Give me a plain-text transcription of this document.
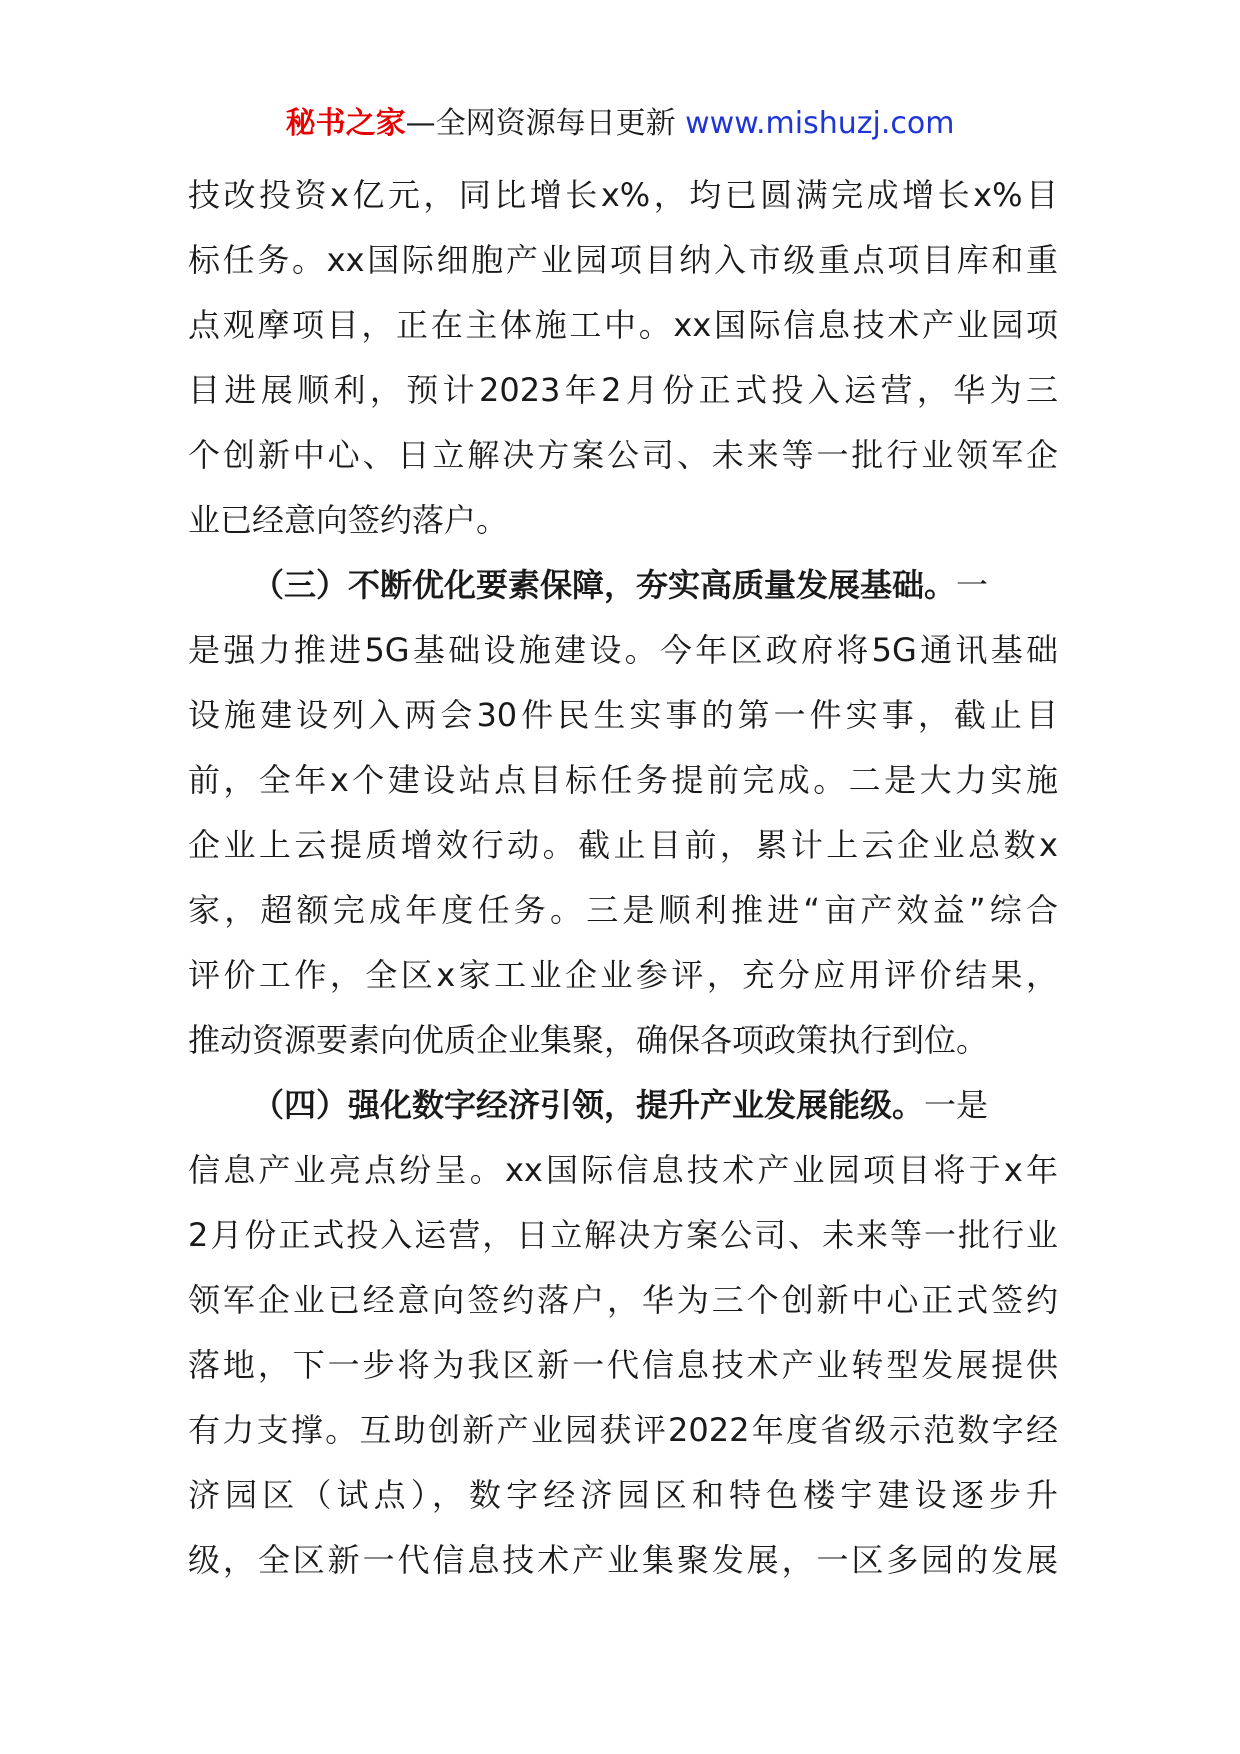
秘书之家—全网资源每日更新 www.mishuzj.com
技改投资x亿元，同比增长x%，均已圆满完成增长x%目
标任务。xx国际细胞产业园项目纳入市级重点项目库和重
点观摩项目，正在主体施工中。xx国际信息技术产业园项
目进展顺利，预计2023年2月份正式投入运营，华为三
个创新中心、日立解决方案公司、未来等一批行业领军企
业已经意向签约落户。
（三）不断优化要素保障，夯实高质量发展基础。一
是强力推进5G基础设施建设。今年区政府将5G通讯基础
设施建设列入两会30件民生实事的第一件实事，截止目
前，全年x个建设站点目标任务提前完成。二是大力实施
企业上云提质增效行动。截止目前，累计上云企业总数x
家，超额完成年度任务。三是顺利推进“亩产效益”综合
评价工作，全区x家工业企业参评，充分应用评价结果，
推动资源要素向优质企业集聚，确保各项政策执行到位。
（四）强化数字经济引领，提升产业发展能级。一是
信息产业亮点纷呈。xx国际信息技术产业园项目将于x年
2月份正式投入运营，日立解决方案公司、未来等一批行业
领军企业已经意向签约落户，华为三个创新中心正式签约
落地，下一步将为我区新一代信息技术产业转型发展提供
有力支撑。互助创新产业园获评2022年度省级示范数字经
济园区（试点），数字经济园区和特色楼宇建设逐步升
级，全区新一代信息技术产业集聚发展，一区多园的发展
